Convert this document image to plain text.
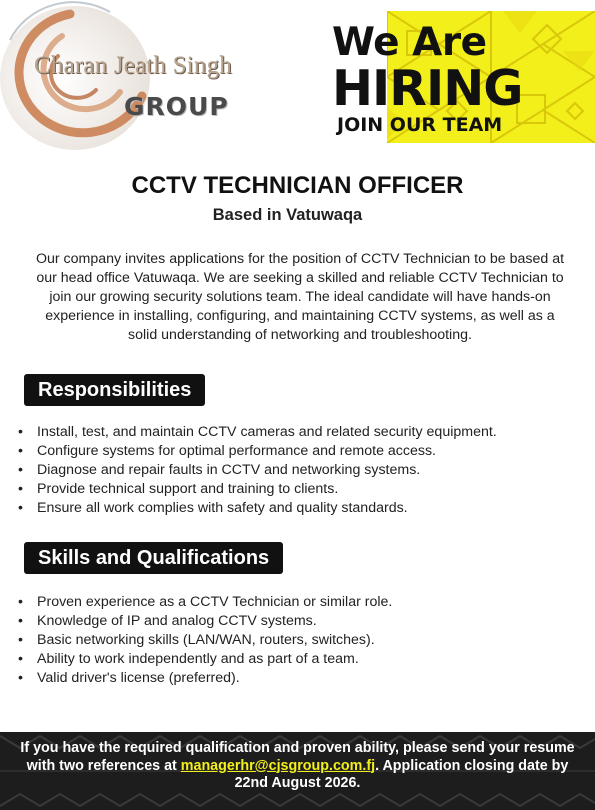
Charan Jeath Singh
GROUP
We Are
HIRING
JOIN OUR TEAM
CCTV TECHNICIAN OFFICER
Based in Vatuwaqa
Our company invites applications for the position of CCTV Technician to be based at our head office Vatuwaqa. We are seeking a skilled and reliable CCTV Technician to join our growing security solutions team. The ideal candidate will have hands-on experience in installing, configuring, and maintaining CCTV systems, as well as a solid understanding of networking and troubleshooting.
Responsibilities
• Install, test, and maintain CCTV cameras and related security equipment.
• Configure systems for optimal performance and remote access.
• Diagnose and repair faults in CCTV and networking systems.
• Provide technical support and training to clients.
• Ensure all work complies with safety and quality standards.
Skills and Qualifications
• Proven experience as a CCTV Technician or similar role.
• Knowledge of IP and analog CCTV systems.
• Basic networking skills (LAN/WAN, routers, switches).
• Ability to work independently and as part of a team.
• Valid driver's license (preferred).
If you have the required qualification and proven ability, please send your resume with two references at managerhr@cjsgroup.com.fj. Application closing date by 22nd August 2026.
